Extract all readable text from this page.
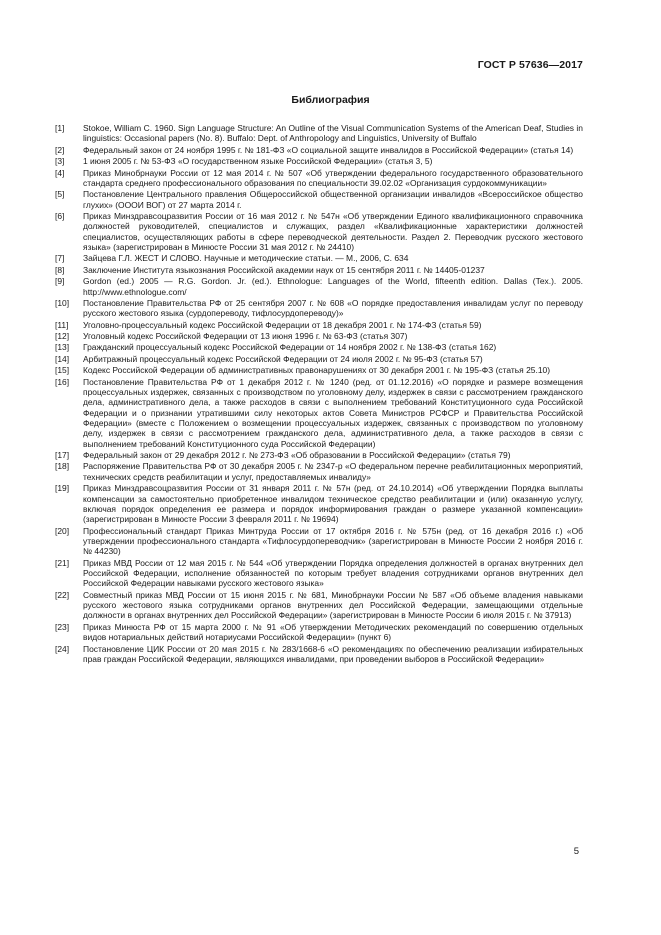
ГОСТ Р 57636—2017
Библиография
[1]	Stokoe, William C. 1960. Sign Language Structure: An Outline of the Visual Communication Systems of the American Deaf, Studies in linguistics: Occasional papers (No. 8). Buffalo: Dept. of Anthropology and Linguistics, University of Buffalo
[2]	Федеральный закон от 24 ноября 1995 г. № 181-ФЗ «О социальной защите инвалидов в Российской Федерации» (статья 14)
[3]	1 июня 2005 г. № 53-ФЗ «О государственном языке Российской Федерации» (статья 3, 5)
[4]	Приказ Минобрнауки России от 12 мая 2014 г. № 507 «Об утверждении федерального государственного образовательного стандарта среднего профессионального образования по специальности 39.02.02 «Организация сурдокоммуникации»
[5]	Постановление Центрального правления Общероссийской общественной организации инвалидов «Всероссийское общество глухих» (ОООИ ВОГ) от 27 марта 2014 г.
[6]	Приказ Минздравсоцразвития России от 16 мая 2012 г. № 547н «Об утверждении Единого квалификационного справочника должностей руководителей, специалистов и служащих, раздел «Квалификационные характеристики должностей специалистов, осуществляющих работы в сфере переводческой деятельности. Раздел 2. Переводчик русского жестового языка» (зарегистрирован в Минюсте России 31 мая 2012 г. № 24410)
[7]	Зайцева Г.Л. ЖЕСТ И СЛОВО. Научные и методические статьи. — М., 2006, С. 634
[8]	Заключение Института языкознания Российской академии наук от 15 сентября 2011 г. № 14405-01237
[9]	Gordon (ed.) 2005 — R.G. Gordon. Jr. (ed.). Ethnologue: Languages of the World, fifteenth edition. Dallas (Tex.). 2005. http://www.ethnologue.com/
[10]	Постановление Правительства РФ от 25 сентября 2007 г. № 608 «О порядке предоставления инвалидам услуг по переводу русского жестового языка (сурдопереводу, тифлосурдопереводу)»
[11]	Уголовно-процессуальный кодекс Российской Федерации от 18 декабря 2001 г. № 174-ФЗ (статья 59)
[12]	Уголовный кодекс Российской Федерации от 13 июня 1996 г. № 63-ФЗ (статья 307)
[13]	Гражданский процессуальный кодекс Российской Федерации от 14 ноября 2002 г. № 138-ФЗ (статья 162)
[14]	Арбитражный процессуальный кодекс Российской Федерации от 24 июля 2002 г. № 95-ФЗ (статья 57)
[15]	Кодекс Российской Федерации об административных правонарушениях от 30 декабря 2001 г. № 195-ФЗ (статья 25.10)
[16]	Постановление Правительства РФ от 1 декабря 2012 г. № 1240 (ред. от 01.12.2016) «О порядке и размере возмещения процессуальных издержек, связанных с производством по уголовному делу, издержек в связи с рассмотрением гражданского дела, административного дела, а также расходов в связи с выполнением требований Конституционного суда Российской Федерации и о признании утратившими силу некоторых актов Совета Министров РСФСР и Правительства Российской Федерации» (вместе с Положением о возмещении процессуальных издержек, связанных с производством по уголовному делу, издержек в связи с рассмотрением гражданского дела, административного дела, а также расходов в связи с выполнением требований Конституционного суда Российской Федерации)
[17]	Федеральный закон от 29 декабря 2012 г. № 273-ФЗ «Об образовании в Российской Федерации» (статья 79)
[18]	Распоряжение Правительства РФ от 30 декабря 2005 г. № 2347-р «О федеральном перечне реабилитационных мероприятий, технических средств реабилитации и услуг, предоставляемых инвалиду»
[19]	Приказ Минздравсоцразвития России от 31 января 2011 г. № 57н (ред. от 24.10.2014) «Об утверждении Порядка выплаты компенсации за самостоятельно приобретенное инвалидом техническое средство реабилитации и (или) оказанную услугу, включая порядок определения ее размера и порядок информирования граждан о размере указанной компенсации» (зарегистрирован в Минюсте России 3 февраля 2011 г. № 19694)
[20]	Профессиональный стандарт Приказ Минтруда России от 17 октября 2016 г. № 575н (ред. от 16 декабря 2016 г.) «Об утверждении профессионального стандарта «Тифлосурдопереводчик» (зарегистрирован в Минюсте России 2 ноября 2016 г. № 44230)
[21]	Приказ МВД России от 12 мая 2015 г. № 544 «Об утверждении Порядка определения должностей в органах внутренних дел Российской Федерации, исполнение обязанностей по которым требует владения сотрудниками органов внутренних дел Российской Федерации навыками русского жестового языка»
[22]	Совместный приказ МВД России от 15 июня 2015 г. № 681, Минобрнауки России № 587 «Об объеме владения навыками русского жестового языка сотрудниками органов внутренних дел Российской Федерации, замещающими отдельные должности в органах внутренних дел Российской Федерации» (зарегистрирован в Минюсте России 6 июля 2015 г. № 37913)
[23]	Приказ Минюста РФ от 15 марта 2000 г. № 91 «Об утверждении Методических рекомендаций по совершению отдельных видов нотариальных действий нотариусами Российской Федерации» (пункт 6)
[24]	Постановление ЦИК России от 20 мая 2015 г. № 283/1668-6 «О рекомендациях по обеспечению реализации избирательных прав граждан Российской Федерации, являющихся инвалидами, при проведении выборов в Российской Федерации»
5
